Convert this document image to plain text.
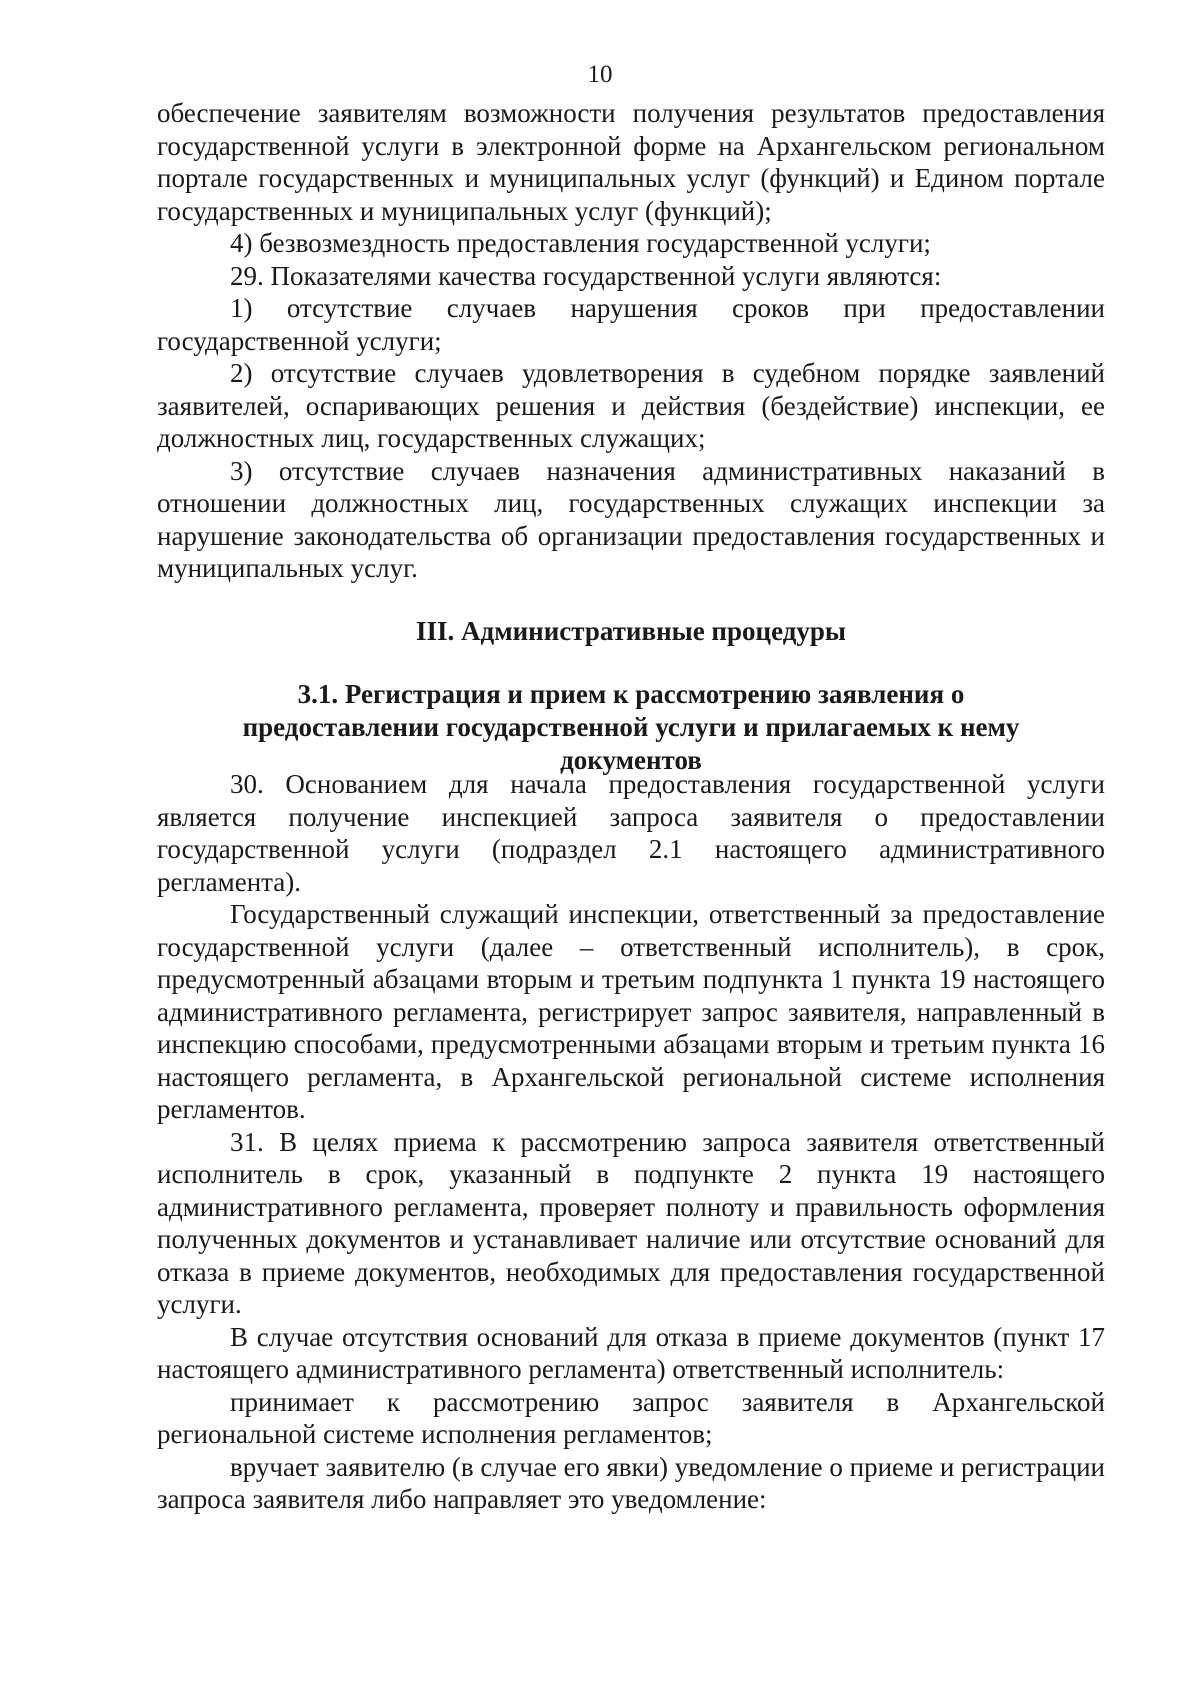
10

обеспечение заявителям возможности получения результатов предоставления государственной услуги в электронной форме на Архангельском региональном портале государственных и муниципальных услуг (функций) и Едином портале государственных и муниципальных услуг (функций);

4) безвозмездность предоставления государственной услуги;

29. Показателями качества государственной услуги являются:

1) отсутствие случаев нарушения сроков при предоставлении государственной услуги;

2) отсутствие случаев удовлетворения в судебном порядке заявлений заявителей, оспаривающих решения и действия (бездействие) инспекции, ее должностных лиц, государственных служащих;

3) отсутствие случаев назначения административных наказаний в отношении должностных лиц, государственных служащих инспекции за нарушение законодательства об организации предоставления государственных и муниципальных услуг.

III. Административные процедуры
3.1. Регистрация и прием к рассмотрению заявления о предоставлении государственной услуги и прилагаемых к нему документов

30. Основанием для начала предоставления государственной услуги является получение инспекцией запроса заявителя о предоставлении государственной услуги (подраздел 2.1 настоящего административного регламента).

Государственный служащий инспекции, ответственный за предоставление государственной услуги (далее – ответственный исполнитель), в срок, предусмотренный абзацами вторым и третьим подпункта 1 пункта 19 настоящего административного регламента, регистрирует запрос заявителя, направленный в инспекцию способами, предусмотренными абзацами вторым и третьим пункта 16 настоящего регламента, в Архангельской региональной системе исполнения регламентов.

31. В целях приема к рассмотрению запроса заявителя ответственный исполнитель в срок, указанный в подпункте 2 пункта 19 настоящего административного регламента, проверяет полноту и правильность оформления полученных документов и устанавливает наличие или отсутствие оснований для отказа в приеме документов, необходимых для предоставления государственной услуги.

В случае отсутствия оснований для отказа в приеме документов (пункт 17 настоящего административного регламента) ответственный исполнитель:

принимает к рассмотрению запрос заявителя в Архангельской региональной системе исполнения регламентов;

вручает заявителю (в случае его явки) уведомление о приеме и регистрации запроса заявителя либо направляет это уведомление:
